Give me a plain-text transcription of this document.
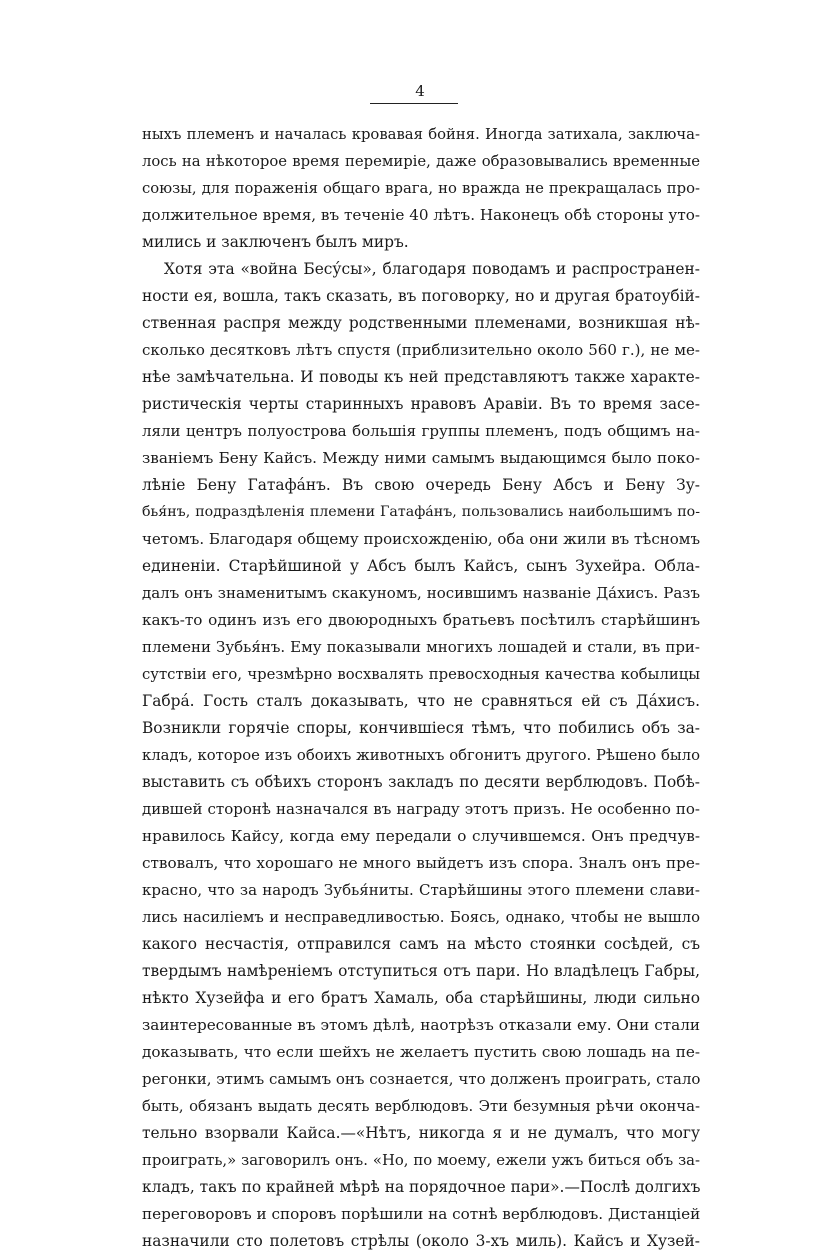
4
ныхъ племенъ и началась кровавая бойня. Иногда затихала, заключа-
лось на нѣкоторое время перемиріе, даже образовывались временные
союзы, для пораженія общаго врага, но вражда не прекращалась про-
должительное время, въ теченіе 40 лѣтъ. Наконецъ обѣ стороны уто-
мились и заключенъ былъ миръ.
Хотя эта «война Бесу́сы», благодаря поводамъ и распространен-
ности ея, вошла, такъ сказать, въ поговорку, но и другая братоубій-
ственная распря между родственными племенами, возникшая нѣ-
сколько десятковъ лѣтъ спустя (приблизительно около 560 г.), не ме-
нѣе замѣчательна. И поводы къ ней представляютъ также характе-
ристическія черты старинныхъ нравовъ Аравіи. Въ то время засе-
ляли центръ полуострова большія группы племенъ, подъ общимъ на-
званіемъ Бену Кайсъ. Между ними самымъ выдающимся было поко-
лѣніе Бену Гатафа́нъ. Въ свою очередь Бену Абсъ и Бену Зу-
бья́нъ, подраздѣленія племени Гатафа́нъ, пользовались наибольшимъ по-
четомъ. Благодаря общему происхожденію, оба они жили въ тѣсномъ
единеніи. Старѣйшиной у Абсъ былъ Кайсъ, сынъ Зухейра. Обла-
далъ онъ знаменитымъ скакуномъ, носившимъ названіе Да́хисъ. Разъ
какъ-то одинъ изъ его двоюродныхъ братьевъ посѣтилъ старѣйшинъ
племени Зубья́нъ. Ему показывали многихъ лошадей и стали, въ при-
сутствіи его, чрезмѣрно восхвалять превосходныя качества кобылицы
Габра́. Гость сталъ доказывать, что не сравняться ей съ Да́хисъ.
Возникли горячіе споры, кончившіеся тѣмъ, что побились объ за-
кладъ, которое изъ обоихъ животныхъ обгонитъ другого. Рѣшено было
выставить съ обѣихъ сторонъ закладъ по десяти верблюдовъ. Побѣ-
дившей сторонѣ назначался въ награду этотъ призъ. Не особенно по-
нравилось Кайсу, когда ему передали о случившемся. Онъ предчув-
ствовалъ, что хорошаго не много выйдетъ изъ спора. Зналъ онъ пре-
красно, что за народъ Зубья́ниты. Старѣйшины этого племени слави-
лись насиліемъ и несправедливостью. Боясь, однако, чтобы не вышло
какого несчастія, отправился самъ на мѣсто стоянки сосѣдей, съ
твердымъ намѣреніемъ отступиться отъ пари. Но владѣлецъ Габры,
нѣкто Хузейфа и его братъ Хамаль, оба старѣйшины, люди сильно
заинтересованные въ этомъ дѣлѣ, наотрѣзъ отказали ему. Они стали
доказывать, что если шейхъ не желаетъ пустить свою лошадь на пе-
регонки, этимъ самымъ онъ сознается, что долженъ проиграть, стало
быть, обязанъ выдать десять верблюдовъ. Эти безумныя рѣчи оконча-
тельно взорвали Кайса.—«Нѣтъ, никогда я и не думалъ, что могу
проиграть,» заговорилъ онъ. «Но, по моему, ежели ужъ биться объ за-
кладъ, такъ по крайней мѣрѣ на порядочное пари».—Послѣ долгихъ
переговоровъ и споровъ порѣшили на сотнѣ верблюдовъ. Дистанціей
назначили сто полетовъ стрѣлы (около 3-хъ миль). Кайсъ и Хузей-
